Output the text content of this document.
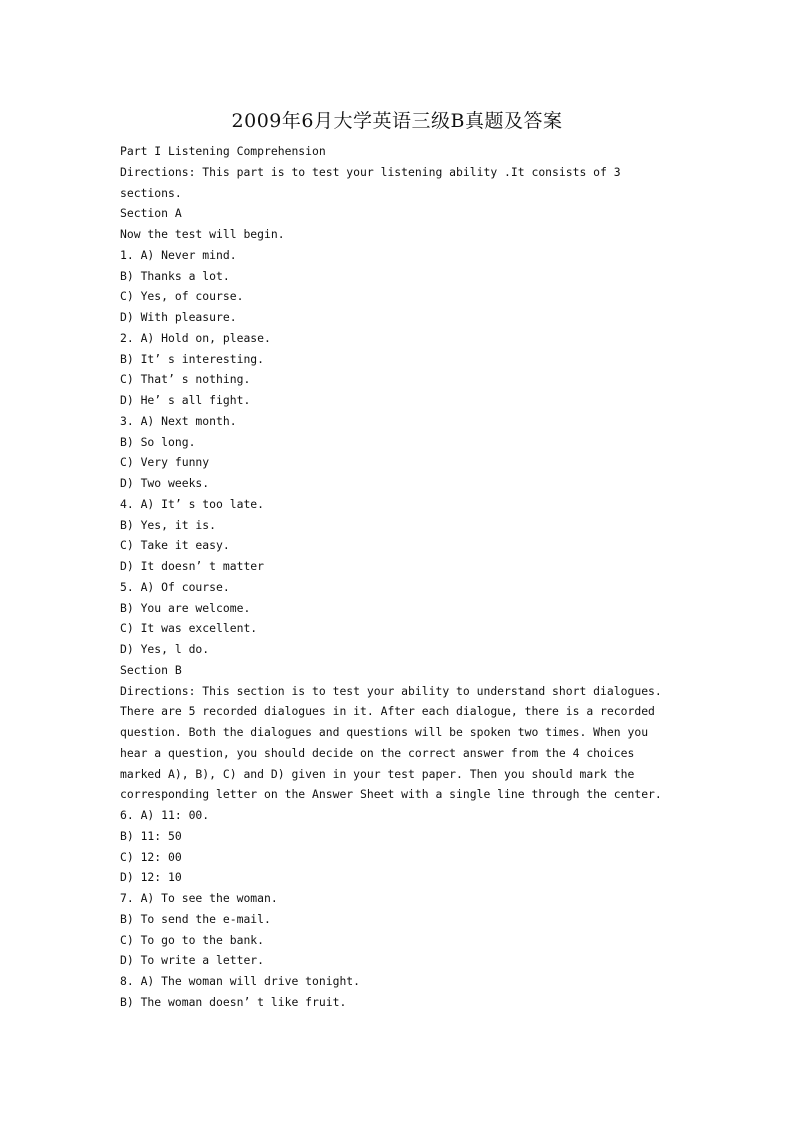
2009年6月大学英语三级B真题及答案
Part I Listening Comprehension
Directions: This part is to test your listening ability .It consists of 3
sections.
Section A
Now the test will begin.
1. A) Never mind.
B) Thanks a lot.
C) Yes, of course.
D) With pleasure.
2. A) Hold on, please.
B) It’ s interesting.
C) That’ s nothing.
D) He’ s all fight.
3. A) Next month.
B) So long.
C) Very funny
D) Two weeks.
4. A) It’ s too late.
B) Yes, it is.
C) Take it easy.
D) It doesn’ t matter
5. A) Of course.
B) You are welcome.
C) It was excellent.
D) Yes, l do.
Section B
Directions: This section is to test your ability to understand short dialogues.
There are 5 recorded dialogues in it. After each dialogue, there is a recorded
question. Both the dialogues and questions will be spoken two times. When you
hear a question, you should decide on the correct answer from the 4 choices
marked A), B), C) and D) given in your test paper. Then you should mark the
corresponding letter on the Answer Sheet with a single line through the center.
6. A) 11: 00.
B) 11: 50
C) 12: 00
D) 12: 10
7. A) To see the woman.
B) To send the e-mail.
C) To go to the bank.
D) To write a letter.
8. A) The woman will drive tonight.
B) The woman doesn’ t like fruit.
